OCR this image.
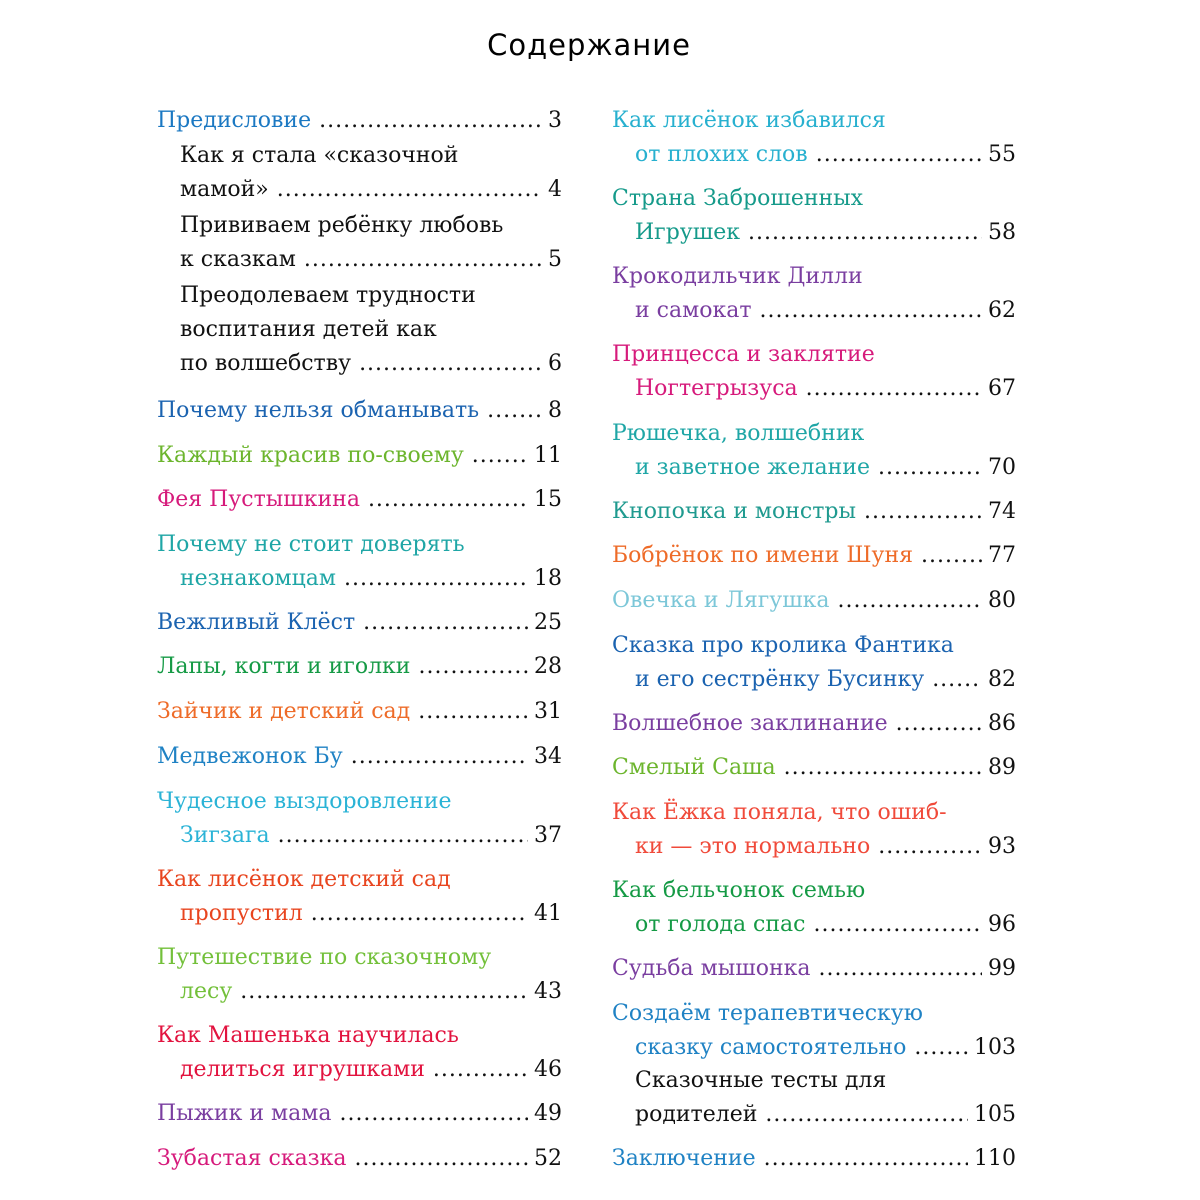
Содержание
Предисловие .....	3
Как я стала «сказочной
мамой» .....	4
Прививаем ребёнку любовь
к сказкам .....	5
Преодолеваем трудности
воспитания детей как
по волшебству .....	6
Почему нельзя обманывать .....	8
Каждый красив по-своему .....	11
Фея Пустышкина .....	15
Почему не стоит доверять
незнакомцам .....	18
Вежливый Клёст .....	25
Лапы, когти и иголки .....	28
Зайчик и детский сад .....	31
Медвежонок Бу .....	34
Чудесное выздоровление
Зигзага .....	37
Как лисёнок детский сад
пропустил .....	41
Путешествие по сказочному
лесу .....	43
Как Машенька научилась
делиться игрушками .....	46
Пыжик и мама .....	49
Зубастая сказка .....	52
Как лисёнок избавился
от плохих слов .....	55
Страна Заброшенных
Игрушек .....	58
Крокодильчик Дилли
и самокат .....	62
Принцесса и заклятие
Ногтегрызуса .....	67
Рюшечка, волшебник
и заветное желание .....	70
Кнопочка и монстры .....	74
Бобрёнок по имени Шуня .....	77
Овечка и Лягушка .....	80
Сказка про кролика Фантика
и его сестрёнку Бусинку .....	82
Волшебное заклинание .....	86
Смелый Саша .....	89
Как Ёжка поняла, что ошиб-
ки — это нормально .....	93
Как бельчонок семью
от голода спас .....	96
Судьба мышонка .....	99
Создаём терапевтическую
сказку самостоятельно .....	103
Сказочные тесты для
родителей .....	105
Заключение .....	110
